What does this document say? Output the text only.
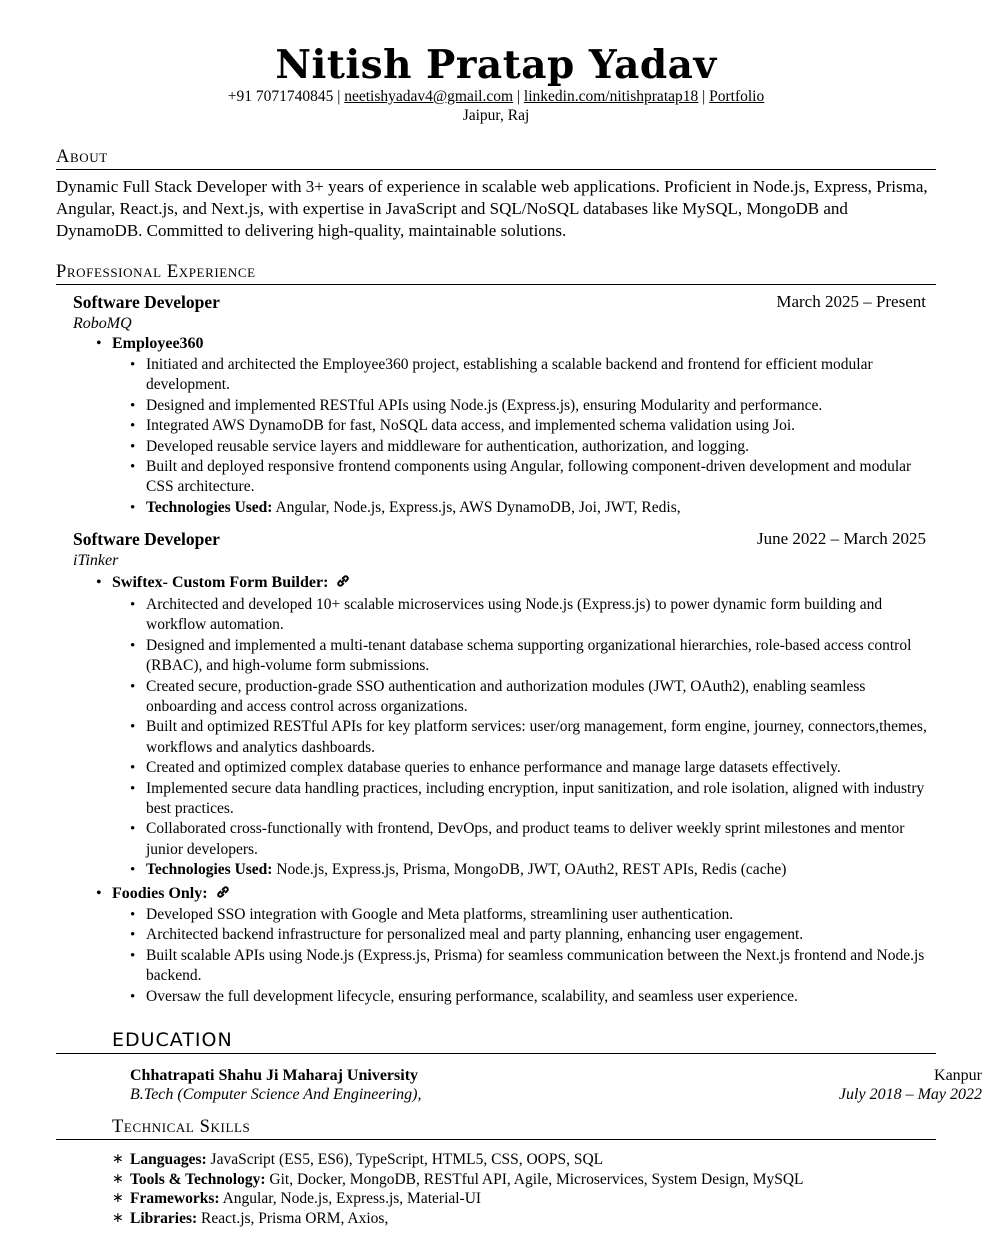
Nitish Pratap Yadav
+91 7071740845 | neetishyadav4@gmail.com | linkedin.com/nitishpratap18 | Portfolio
Jaipur, Raj
About
Dynamic Full Stack Developer with 3+ years of experience in scalable web applications. Proficient in Node.js, Express, Prisma, Angular, React.js, and Next.js, with expertise in JavaScript and SQL/NoSQL databases like MySQL, MongoDB and DynamoDB. Committed to delivering high-quality, maintainable solutions.
Professional Experience
Software Developer	March 2025 – Present
RoboMQ
• Employee360
• Initiated and architected the Employee360 project, establishing a scalable backend and frontend for efficient modular development.
• Designed and implemented RESTful APIs using Node.js (Express.js), ensuring Modularity and performance.
• Integrated AWS DynamoDB for fast, NoSQL data access, and implemented schema validation using Joi.
• Developed reusable service layers and middleware for authentication, authorization, and logging.
• Built and deployed responsive frontend components using Angular, following component-driven development and modular CSS architecture.
• Technologies Used: Angular, Node.js, Express.js, AWS DynamoDB, Joi, JWT, Redis,
Software Developer	June 2022 – March 2025
iTinker
• Swiftex- Custom Form Builder:
• Architected and developed 10+ scalable microservices using Node.js (Express.js) to power dynamic form building and workflow automation.
• Designed and implemented a multi-tenant database schema supporting organizational hierarchies, role-based access control (RBAC), and high-volume form submissions.
• Created secure, production-grade SSO authentication and authorization modules (JWT, OAuth2), enabling seamless onboarding and access control across organizations.
• Built and optimized RESTful APIs for key platform services: user/org management, form engine, journey, connectors,themes, workflows and analytics dashboards.
• Created and optimized complex database queries to enhance performance and manage large datasets effectively.
• Implemented secure data handling practices, including encryption, input sanitization, and role isolation, aligned with industry best practices.
• Collaborated cross-functionally with frontend, DevOps, and product teams to deliver weekly sprint milestones and mentor junior developers.
• Technologies Used: Node.js, Express.js, Prisma, MongoDB, JWT, OAuth2, REST APIs, Redis (cache)
• Foodies Only:
• Developed SSO integration with Google and Meta platforms, streamlining user authentication.
• Architected backend infrastructure for personalized meal and party planning, enhancing user engagement.
• Built scalable APIs using Node.js (Express.js, Prisma) for seamless communication between the Next.js frontend and Node.js backend.
• Oversaw the full development lifecycle, ensuring performance, scalability, and seamless user experience.
EDUCATION
Chhatrapati Shahu Ji Maharaj University	Kanpur
B.Tech (Computer Science And Engineering),	July 2018 – May 2022
Technical Skills
∗ Languages: JavaScript (ES5, ES6), TypeScript, HTML5, CSS, OOPS, SQL
∗ Tools & Technology: Git, Docker, MongoDB, RESTful API, Agile, Microservices, System Design, MySQL
∗ Frameworks: Angular, Node.js, Express.js, Material-UI
∗ Libraries: React.js, Prisma ORM, Axios,
